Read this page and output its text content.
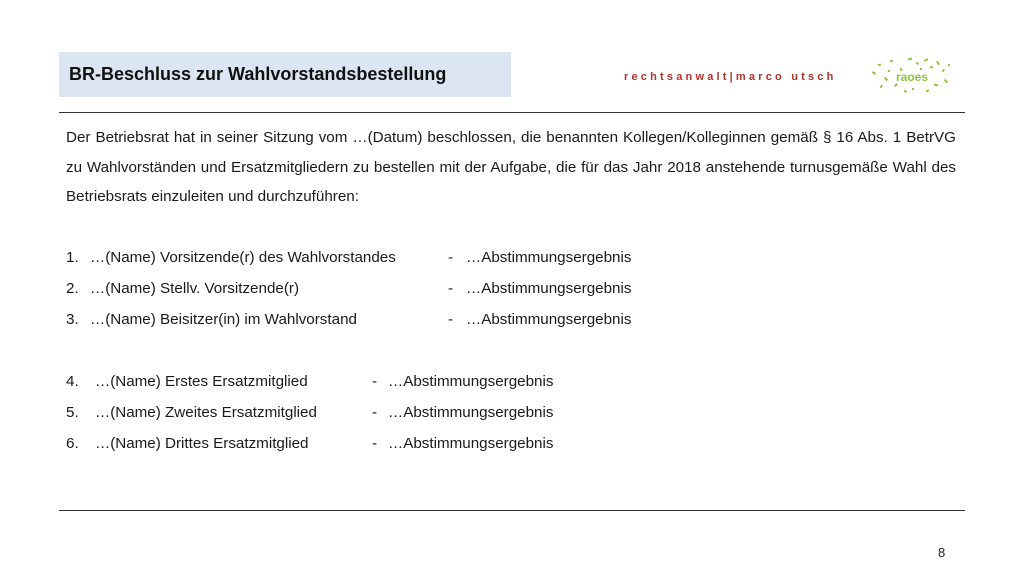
BR-Beschluss zur Wahlvorstandsbestellung	rechtsanwalt|marco utsch	raoes

Der Betriebsrat hat in seiner Sitzung vom …(Datum) beschlossen, die benannten Kollegen/Kolleginnen gemäß § 16 Abs. 1 BetrVG zu Wahlvorständen und Ersatzmitgliedern zu bestellen mit der Aufgabe, die für das Jahr 2018 anstehende turnusgemäße Wahl des Betriebsrats einzuleiten und durchzuführen:

1. …(Name) Vorsitzende(r) des Wahlvorstandes	- …Abstimmungsergebnis
2. …(Name) Stellv. Vorsitzende(r)	- …Abstimmungsergebnis
3. …(Name) Beisitzer(in) im Wahlvorstand	- …Abstimmungsergebnis
4. …(Name) Erstes Ersatzmitglied	- …Abstimmungsergebnis
5. …(Name) Zweites Ersatzmitglied	- …Abstimmungsergebnis
6. …(Name) Drittes Ersatzmitglied	- …Abstimmungsergebnis
8
